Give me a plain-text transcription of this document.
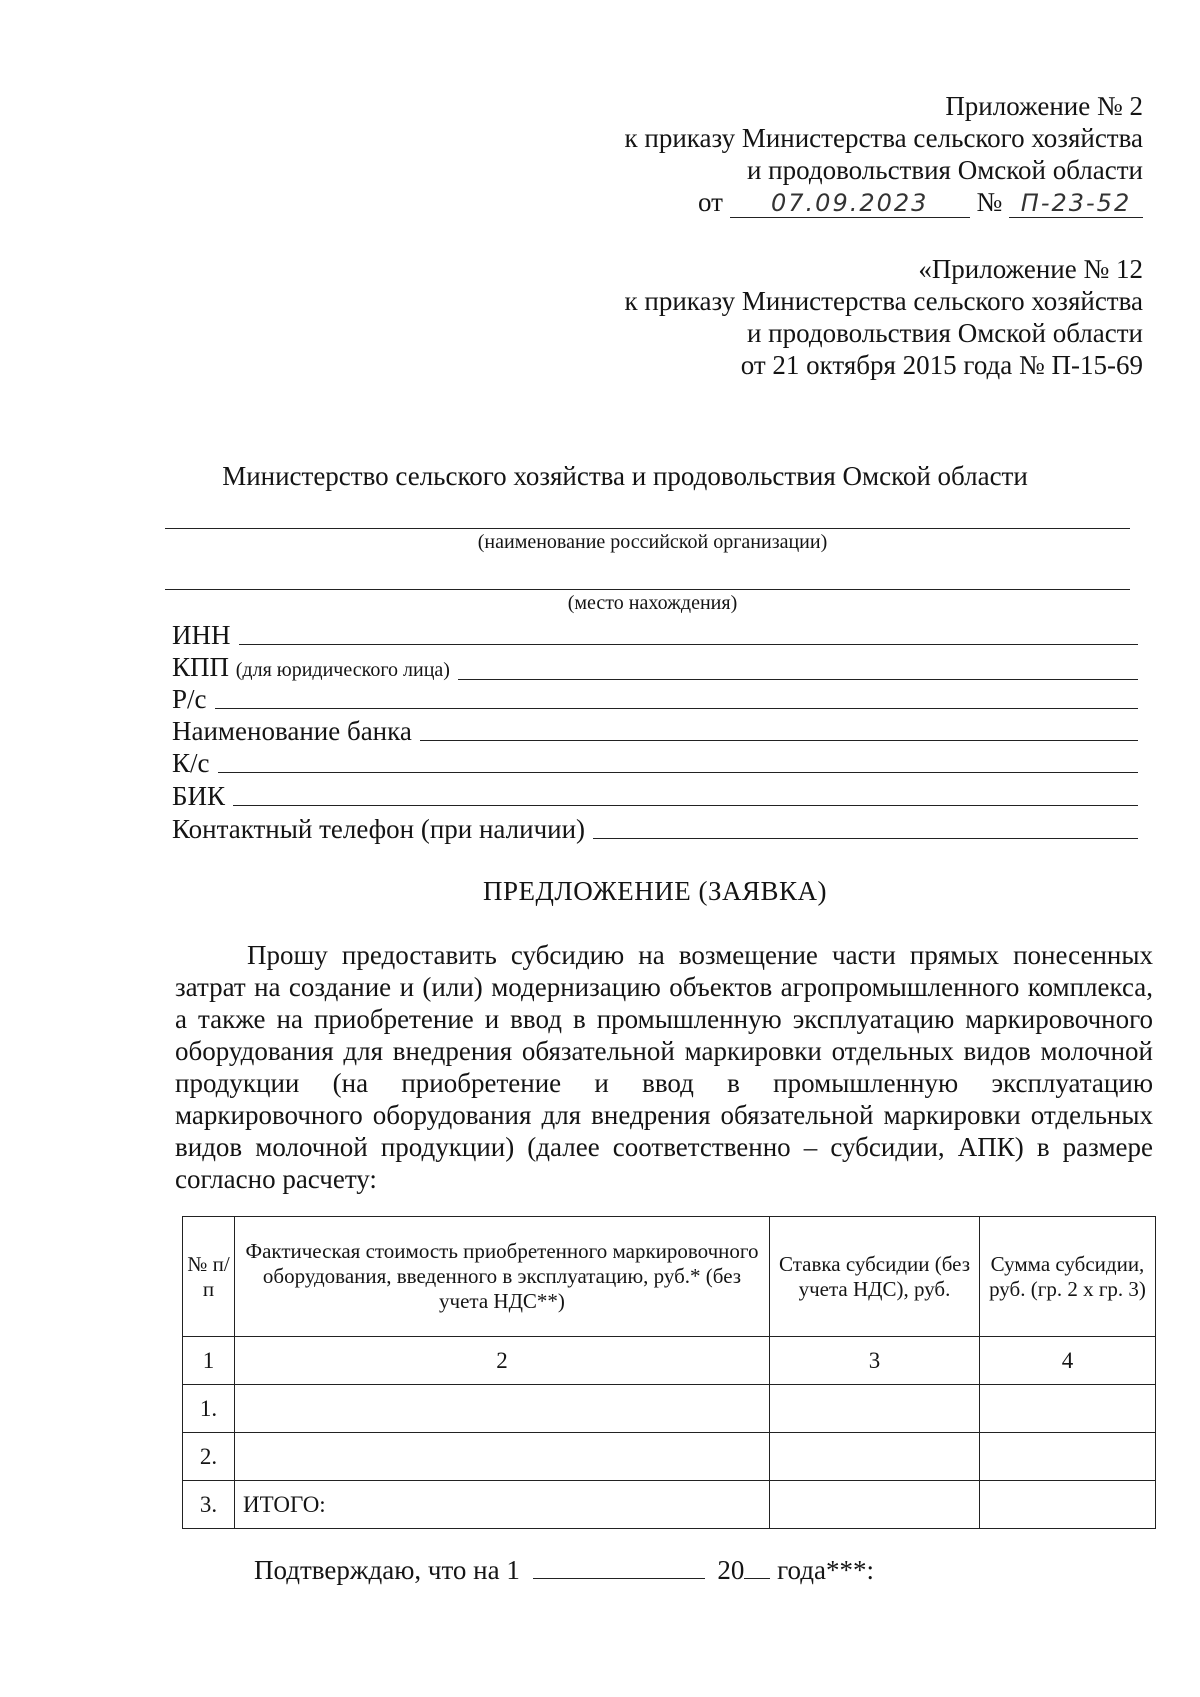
Приложение № 2
к приказу Министерства сельского хозяйства
и продовольствия Омской области
от 07.09.2023 № П-23-52
«Приложение № 12
к приказу Министерства сельского хозяйства
и продовольствия Омской области
от 21 октября 2015 года № П-15-69
Министерство сельского хозяйства и продовольствия Омской области
(наименование российской организации)
(место нахождения)
ИНН
КПП (для юридического лица)
Р/с
Наименование банка
К/с
БИК
Контактный телефон (при наличии)
ПРЕДЛОЖЕНИЕ (ЗАЯВКА)

Прошу предоставить субсидию на возмещение части прямых понесенных затрат на создание и (или) модернизацию объектов агропромышленного комплекса, а также на приобретение и ввод в промышленную эксплуатацию маркировочного оборудования для внедрения обязательной маркировки отдельных видов молочной продукции (на приобретение и ввод в промышленную эксплуатацию маркировочного оборудования для внедрения обязательной маркировки отдельных видов молочной продукции) (далее соответственно – субсидии, АПК) в размере согласно расчету:

№ п/п	Фактическая стоимость приобретенного маркировочного оборудования, введенного в эксплуатацию, руб.* (без учета НДС**)	Ставка субсидии (без учета НДС), руб.	Сумма субсидии, руб. (гр. 2 х гр. 3)
1	2	3	4
1.			
2.			
3.	ИТОГО:		
Подтверждаю, что на 1	20 года***:
